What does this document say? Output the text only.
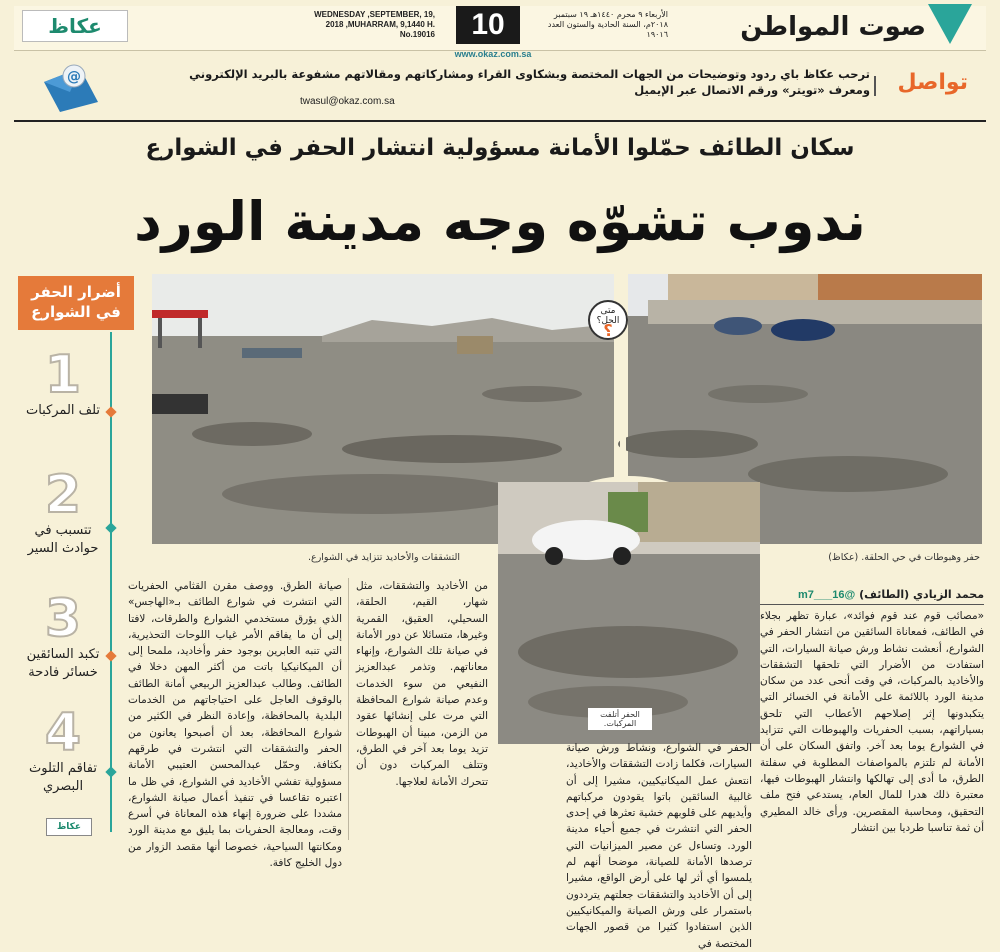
عكاظ	WEDNESDAY ,SEPTEMBER, 19, 2018 ,MUHARRAM, 9,1440 H. No.19016	10	الأربعاء ٩ محرم ١٤٤٠هـ ١٩ سبتمبر ٢٠١٨م، السنة الحادية والستون العدد ١٩٠١٦
www.okaz.com.sa
صوت المواطن
@	ترحب عكاظ باي ردود وتوضيحات من الجهات المختصة وبشكاوى القراء ومشاركاتهم ومقالاتهم مشفوعة بالبريد الإلكتروني
ومعرف «تويتر» ورقم الاتصال عبر الإيميل
twasul@okaz.com.sa
تواصل
سكان الطائف حمّلوا الأمانة مسؤولية انتشار الحفر في الشوارع
ندوب تشوّه وجه مدينة الورد
أضرار الحفر في الشوارع
1
تلف المركبات
2
تتسبب في حوادث السير
3
تكبد السائقين خسائر فادحة
4
تفاقم التلوث البصري
متى الحل؟
؟
التشققات والأخاديد تتزايد في الشوارع.	حفر وهبوطات في حي الحلقة. (عكاظ)
الحفر أتلفت المركبات.
محمد الزيادي (الطائف) @m7___16
«مصائب قوم عند قوم فوائد»، عبارة تظهر بجلاء في الطائف، فمعاناة السائقين من انتشار الحفر في الشوارع، أنعشت نشاط ورش صيانة السيارات، التي استفادت من الأضرار التي تلحقها التشققات والأخاديد بالمركبات، في وقت أنحى عدد من سكان مدينة الورد باللائمة على الأمانة في الخسائر التي يتكبدونها إثر إصلاحهم الأعطاب التي تلحق بسياراتهم، بسبب الحفريات والهبوطات التي تتزايد في الشوارع يوما بعد آخر. واتفق السكان على أن الأمانة لم تلتزم بالمواصفات المطلوبة في سفلتة الطرق، ما أدى إلى تهالكها وانتشار الهبوطات فيها، معتبرة ذلك هدرا للمال العام، يستدعي فتح ملف التحقيق، ومحاسبة المقصرين. ورأى خالد المطيري أن ثمة تناسبا طرديا بين انتشار
الحفر في الشوارع، ونشاط ورش صيانة السيارات، فكلما زادت التشققات والأخاديد، انتعش عمل الميكانيكيين، مشيرا إلى أن غالبية السائقين باتوا يقودون مركباتهم وأيديهم على قلوبهم خشية تعثرها في إحدى الحفر التي انتشرت في جميع أحياء مدينة الورد. وتساءل عن مصير الميزانيات التي ترصدها الأمانة للصيانة، موضحا أنهم لم يلمسوا أي أثر لها على أرض الواقع، مشيرا إلى أن الأخاديد والتشققات جعلتهم يترددون باستمرار على ورش الصيانة والميكانيكيين الذين استفادوا كثيرا من قصور الجهات المختصة في
من الأخاديد والتشققات، مثل شهار، القيم، الحلقة، السحيلي، العقيق، القمرية وغيرها، متسائلا عن دور الأمانة في صيانة تلك الشوارع، وإنهاء معاناتهم. وتذمر عبدالعزيز النفيعي من سوء الخدمات وعدم صيانة شوارع المحافظة التي مرت على إنشائها عقود من الزمن، مبينا أن الهبوطات تزيد يوما بعد آخر في الطرق، وتتلف المركبات دون أن تتحرك الأمانة لعلاجها.
صيانة الطرق. ووصف مقرن القثامي الحفريات التي انتشرت في شوارع الطائف بـ«الهاجس» الذي يؤرق مستخدمي الشوارع والطرقات، لافتا إلى أن ما يفاقم الأمر غياب اللوحات التحذيرية، التي تنبه العابرين بوجود حفر وأخاديد، ملمحا إلى أن الميكانيكيا باتت من أكثر المهن دخلا في الطائف. وطالب عبدالعزيز الربيعي أمانة الطائف بالوقوف العاجل على احتياجاتهم من الخدمات البلدية بالمحافظة، وإعادة النظر في الكثير من شوارع المحافظة، بعد أن أصبحوا يعانون من الحفر والتشققات التي انتشرت في طرقهم بكثافة. وحمّل عبدالمحسن العتيبي الأمانة مسؤولية تفشي الأخاديد في الشوارع، في ظل ما اعتبره تقاعسا في تنفيذ أعمال صيانة الشوارع، مشددا على ضرورة إنهاء هذه المعاناة في أسرع وقت، ومعالجة الحفريات بما يليق مع مدينة الورد ومكانتها السياحية، خصوصا أنها مقصد الزوار من دول الخليج كافة.
عكاظ
